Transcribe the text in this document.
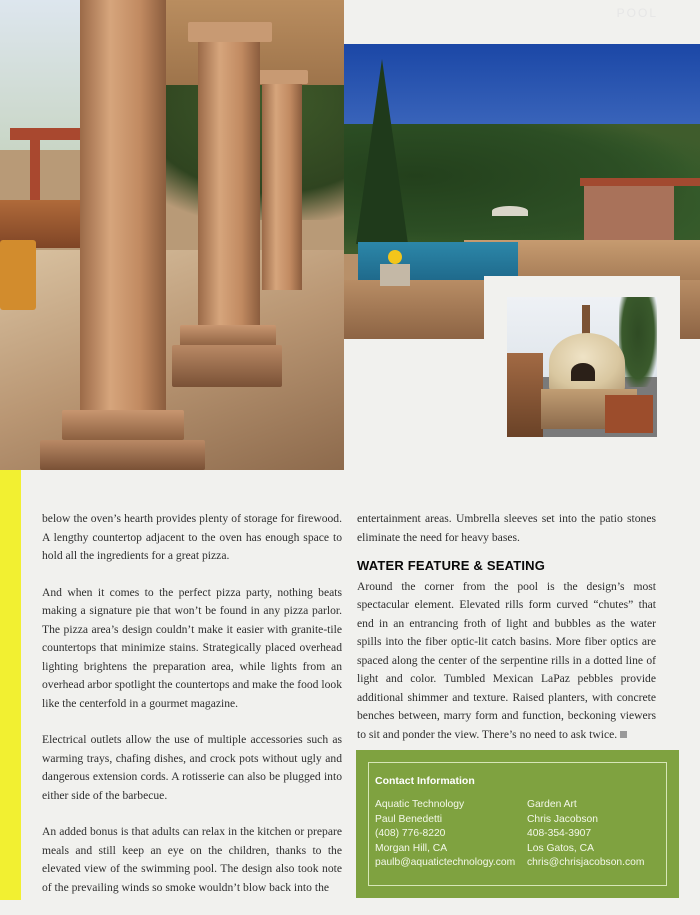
POOL

below the oven’s hearth provides plenty of storage for firewood. A lengthy countertop adjacent to the oven has enough space to hold all the ingredients for a great pizza.

And when it comes to the perfect pizza party, nothing beats making a signature pie that won’t be found in any pizza parlor. The pizza area’s design couldn’t make it easier with granite-tile countertops that minimize stains. Strategically placed overhead lighting brightens the preparation area, while lights from an overhead arbor spotlight the countertops and make the food look like the centerfold in a gourmet magazine.

Electrical outlets allow the use of multiple accessories such as warming trays, chafing dishes, and crock pots without ugly and dangerous extension cords. A rotisserie can also be plugged into either side of the barbecue.

An added bonus is that adults can relax in the kitchen or prepare meals and still keep an eye on the children, thanks to the elevated view of the swimming pool. The design also took note of the prevailing winds so smoke wouldn’t blow back into the

entertainment areas. Umbrella sleeves set into the patio stones eliminate the need for heavy bases.

WATER FEATURE & SEATING

Around the corner from the pool is the design’s most spectacular element. Elevated rills form curved “chutes” that end in an entrancing froth of light and bubbles as the water spills into the fiber optic-lit catch basins. More fiber optics are spaced along the center of the serpentine rills in a dotted line of light and color. Tumbled Mexican LaPaz pebbles provide additional shimmer and texture. Raised planters, with concrete benches between, marry form and function, beckoning viewers to sit and ponder the view. There’s no need to ask twice.

Contact Information
Aquatic Technology
Paul Benedetti
(408) 776-8220
Morgan Hill, CA
paulb@aquatictechnology.com
Garden Art
Chris Jacobson
408-354-3907
Los Gatos, CA
chris@chrisjacobson.com
